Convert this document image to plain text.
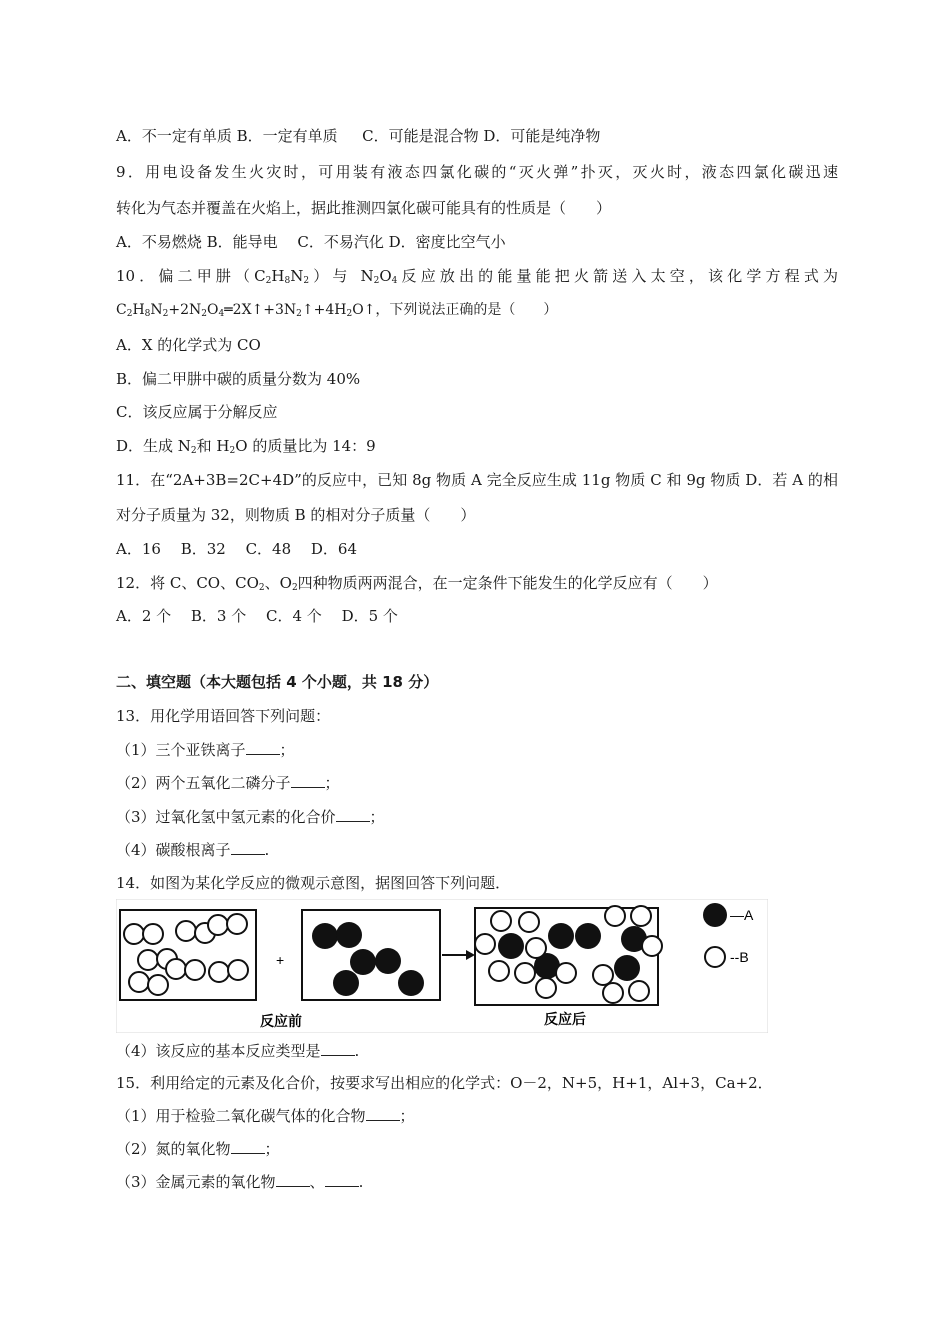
A．不一定有单质 B．一定有单质 　 C．可能是混合物 D．可能是纯净物
9．用电设备发生火灾时，可用装有液态四氯化碳的“灭火弹”扑灭，灭火时，液态四氯化碳迅速
转化为气态并覆盖在火焰上，据此推测四氯化碳可能具有的性质是（　　）
A．不易燃烧 B．能导电 　C．不易汽化 D．密度比空气小
10．偏二甲肼$(C_2H_8N_2)$与 $N_2O_4$反应放出的能量能把火箭送入太空，该化学方程式为
$C_2H_8N_2+2N_2O_4═2X↑+3N_2↑+4H_2O↑$，下列说法正确的是（　　）
A．X 的化学式为 CO
B．偏二甲肼中碳的质量分数为 40%
C．该反应属于分解反应
D．生成 $N_2$和 $H_2O$ 的质量比为 14：9
11．在“2A+3B=2C+4D”的反应中，已知 8g 物质 A 完全反应生成 11g 物质 C 和 9g 物质 D．若 A 的相
对分子质量为 32，则物质 B 的相对分子质量（　　）
A．16 　B．32 　C．48 　D．64
12．将 C、CO、$CO_2$、$O_2$四种物质两两混合，在一定条件下能发生的化学反应有（　　）
A．2 个 　B．3 个 　C．4 个 　D．5 个
二、填空题（本大题包括 4 个小题，共 18 分）
13．用化学用语回答下列问题：
（1）三个亚铁离子 ；
（2）两个五氧化二磷分子 ；
（3）过氧化氢中氢元素的化合价 ；
（4）碳酸根离子 .
14．如图为某化学反应的微观示意图，据图回答下列问题．
+
反应前	反应后
—A
--B
（4）该反应的基本反应类型是 .
15．利用给定的元素及化合价，按要求写出相应的化学式：O－2，N+5，H+1，Al+3，Ca+2．
（1）用于检验二氧化碳气体的化合物 ；
（2）氮的氧化物 ；
（3）金属元素的氧化物 、 .
